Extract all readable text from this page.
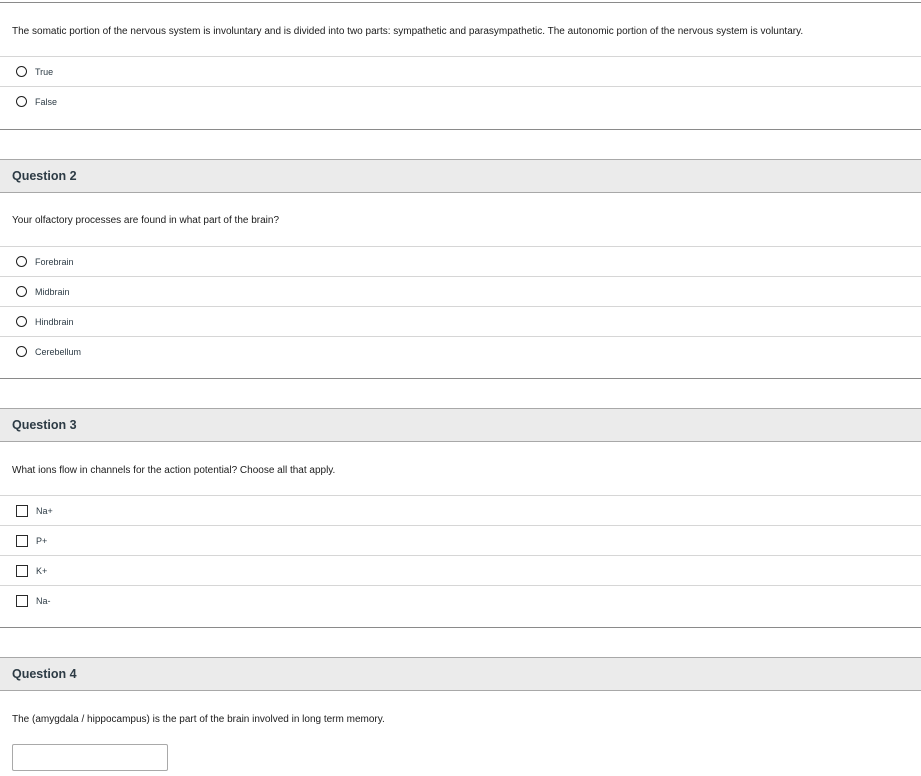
The somatic portion of the nervous system is involuntary and is divided into two parts: sympathetic and parasympathetic. The autonomic portion of the nervous system is voluntary.
True
False
Question 2
Your olfactory processes are found in what part of the brain?
Forebrain
Midbrain
Hindbrain
Cerebellum
Question 3
What ions flow in channels for the action potential? Choose all that apply.
Na+
P+
K+
Na-
Question 4
The (amygdala / hippocampus) is the part of the brain involved in long term memory.
